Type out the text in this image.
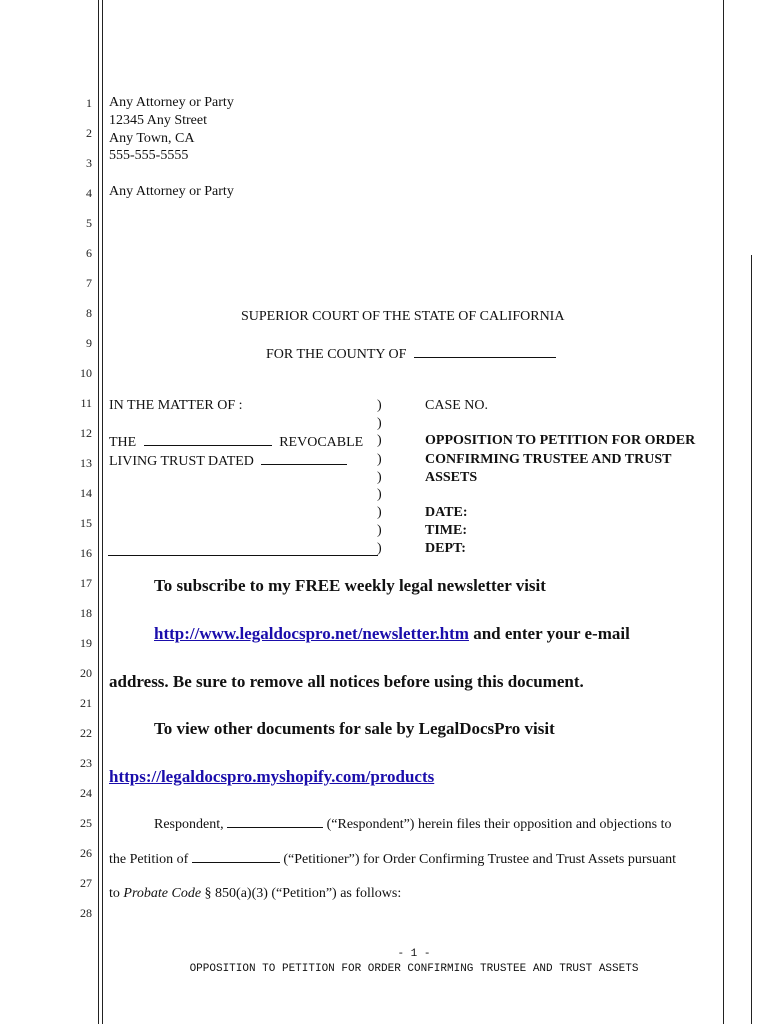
1
2
3
4
5
6
7
8
9
10
11
12
13
14
15
16
17
18
19
20
21
22
23
24
25
26
27
28
Any Attorney or Party
12345 Any Street
Any Town, CA
555-555-5555
Any Attorney or Party
SUPERIOR COURT OF THE STATE OF CALIFORNIA
FOR THE COUNTY OF
IN THE MATTER OF :
THE	REVOCABLE
LIVING TRUST DATED
)
)
)
)
)
)
)
)
)
CASE NO.
OPPOSITION TO PETITION FOR ORDER
CONFIRMING TRUSTEE AND TRUST
ASSETS
DATE:
TIME:
DEPT:
To subscribe to my FREE weekly legal newsletter visit
http://www.legaldocspro.net/newsletter.htm and enter your e-mail
address. Be sure to remove all notices before using this document.
To view other documents for sale by LegalDocsPro visit
https://legaldocspro.myshopify.com/products
Respondent,	(“Respondent”) herein files their opposition and objections to
the Petition of	(“Petitioner”) for Order Confirming Trustee and Trust Assets pursuant
to Probate Code § 850(a)(3) (“Petition”) as follows:
- 1 -
OPPOSITION TO PETITION FOR ORDER CONFIRMING TRUSTEE AND TRUST ASSETS
